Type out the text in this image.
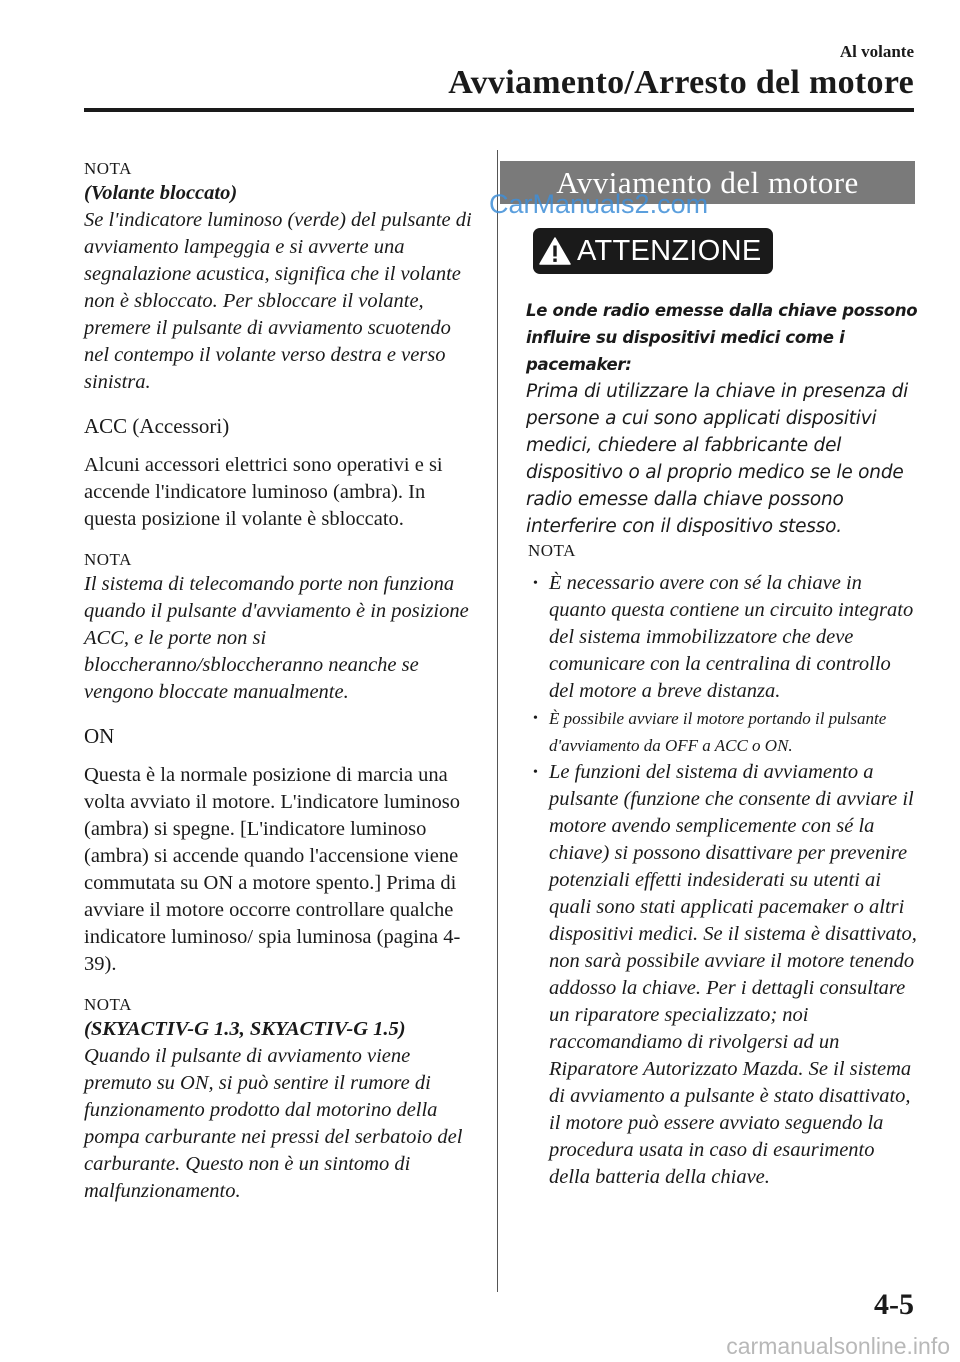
Al volante
Avviamento/Arresto del motore

NOTA

(Volante bloccato)

Se l'indicatore luminoso (verde) del pulsante di avviamento lampeggia e si avverte una segnalazione acustica, significa che il volante non è sbloccato. Per sbloccare il volante, premere il pulsante di avviamento scuotendo nel contempo il volante verso destra e verso sinistra.

ACC (Accessori)

Alcuni accessori elettrici sono operativi e si accende l'indicatore luminoso (ambra). In questa posizione il volante è sbloccato.

NOTA

Il sistema di telecomando porte non funziona quando il pulsante d'avviamento è in posizione ACC, e le porte non si bloccheranno/sbloccheranno neanche se vengono bloccate manualmente.

ON

Questa è la normale posizione di marcia una volta avviato il motore. L'indicatore luminoso (ambra) si spegne. [L'indicatore luminoso (ambra) si accende quando l'accensione viene commutata su ON a motore spento.] Prima di avviare il motore occorre controllare qualche indicatore luminoso/ spia luminosa (pagina 4-39).

NOTA

(SKYACTIV-G 1.3, SKYACTIV-G 1.5)

Quando il pulsante di avviamento viene premuto su ON, si può sentire il rumore di funzionamento prodotto dal motorino della pompa carburante nei pressi del serbatoio del carburante. Questo non è un sintomo di malfunzionamento.

Avviamento del motore
CarManuals2.com
ATTENZIONE

Le onde radio emesse dalla chiave possono influire su dispositivi medici come i pacemaker:

Prima di utilizzare la chiave in presenza di persone a cui sono applicati dispositivi medici, chiedere al fabbricante del dispositivo o al proprio medico se le onde radio emesse dalla chiave possono interferire con il dispositivo stesso.

NOTA

• È necessario avere con sé la chiave in quanto questa contiene un circuito integrato del sistema immobilizzatore che deve comunicare con la centralina di controllo del motore a breve distanza.
• È possibile avviare il motore portando il pulsante d'avviamento da OFF a ACC o ON.
• Le funzioni del sistema di avviamento a pulsante (funzione che consente di avviare il motore avendo semplicemente con sé la chiave) si possono disattivare per prevenire potenziali effetti indesiderati su utenti ai quali sono stati applicati pacemaker o altri dispositivi medici. Se il sistema è disattivato, non sarà possibile avviare il motore tenendo addosso la chiave. Per i dettagli consultare un riparatore specializzato; noi raccomandiamo di rivolgersi ad un Riparatore Autorizzato Mazda. Se il sistema di avviamento a pulsante è stato disattivato, il motore può essere avviato seguendo la procedura usata in caso di esaurimento della batteria della chiave.
4-5
carmanualsonline.info
